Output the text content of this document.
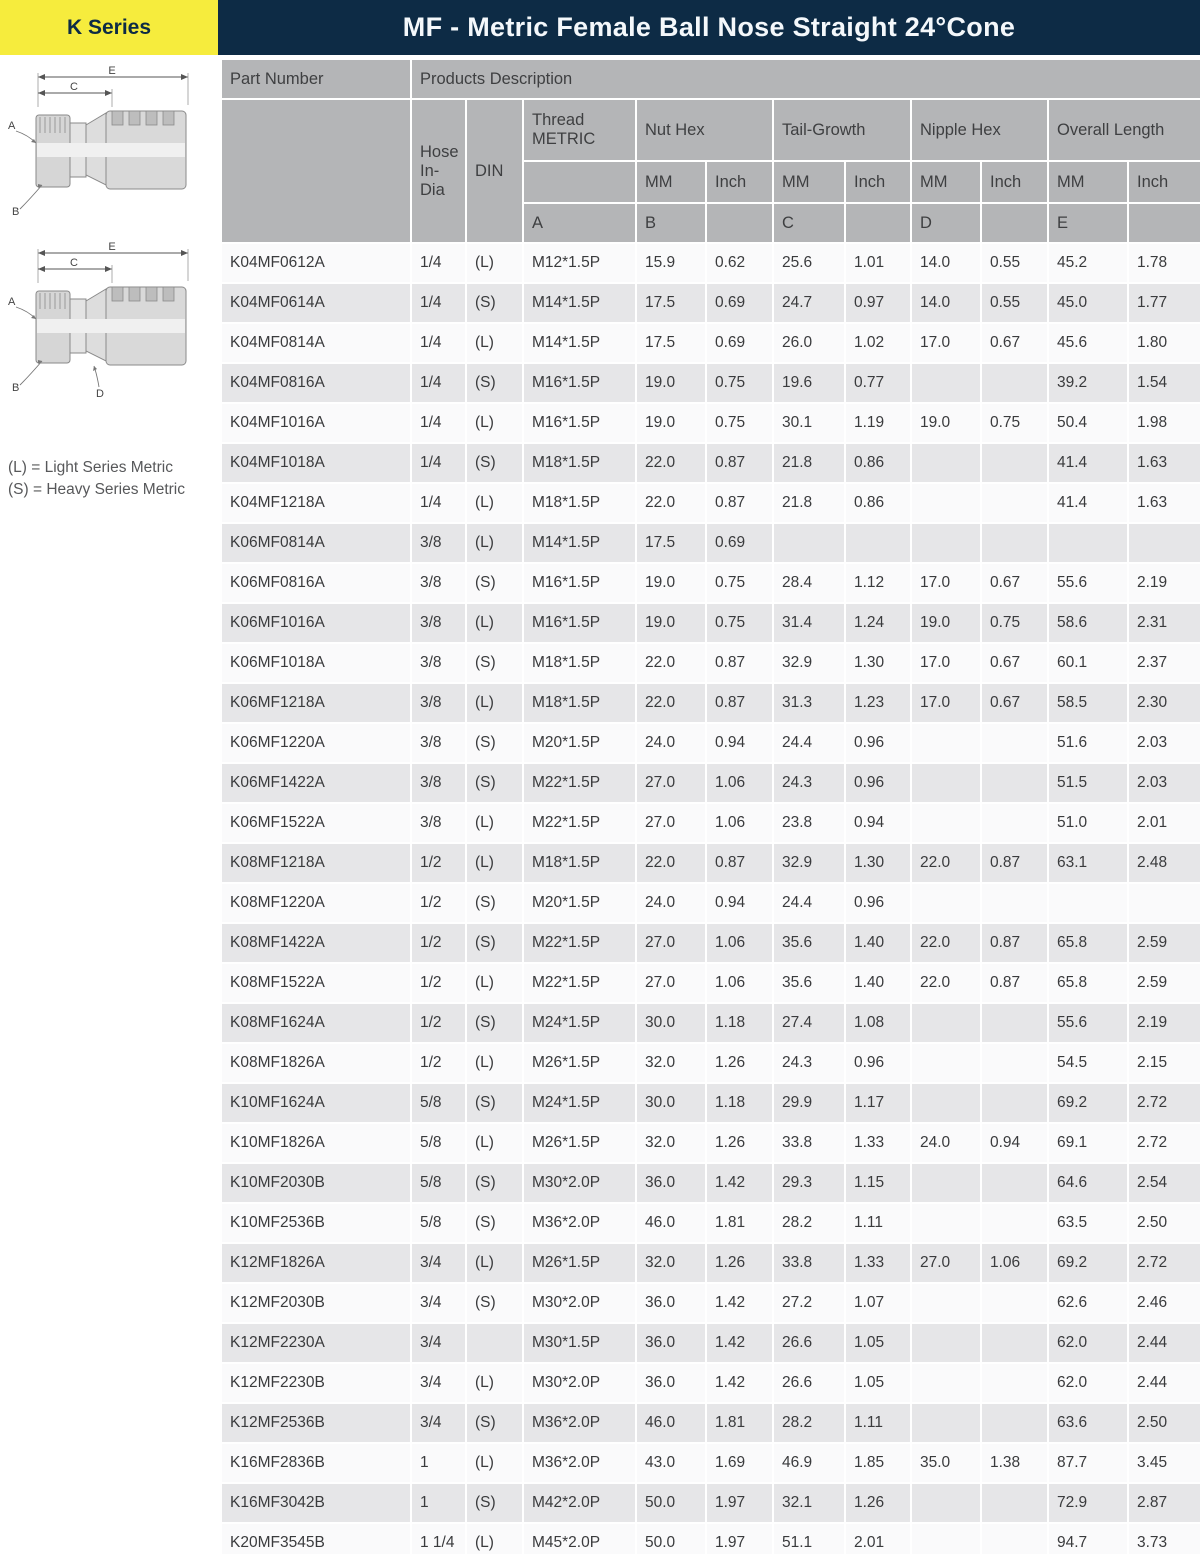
K Series	MF - Metric Female Ball Nose Straight 24°Cone
E
C
A
B
E
C
A
B	D
(L) = Light Series Metric
(S) = Heavy Series Metric
Part Number	Products Description										
	Hose In- Dia	DIN	Thread METRIC	Nut Hex		Tail-Growth		Nipple Hex		Overall Length	
				MM	Inch	MM	Inch	MM	Inch	MM	Inch
			A	B		C		D		E	
K04MF0612A	1/4	(L)	M12*1.5P	15.9	0.62	25.6	1.01	14.0	0.55	45.2	1.78
K04MF0614A	1/4	(S)	M14*1.5P	17.5	0.69	24.7	0.97	14.0	0.55	45.0	1.77
K04MF0814A	1/4	(L)	M14*1.5P	17.5	0.69	26.0	1.02	17.0	0.67	45.6	1.80
K04MF0816A	1/4	(S)	M16*1.5P	19.0	0.75	19.6	0.77			39.2	1.54
K04MF1016A	1/4	(L)	M16*1.5P	19.0	0.75	30.1	1.19	19.0	0.75	50.4	1.98
K04MF1018A	1/4	(S)	M18*1.5P	22.0	0.87	21.8	0.86			41.4	1.63
K04MF1218A	1/4	(L)	M18*1.5P	22.0	0.87	21.8	0.86			41.4	1.63
K06MF0814A	3/8	(L)	M14*1.5P	17.5	0.69						
K06MF0816A	3/8	(S)	M16*1.5P	19.0	0.75	28.4	1.12	17.0	0.67	55.6	2.19
K06MF1016A	3/8	(L)	M16*1.5P	19.0	0.75	31.4	1.24	19.0	0.75	58.6	2.31
K06MF1018A	3/8	(S)	M18*1.5P	22.0	0.87	32.9	1.30	17.0	0.67	60.1	2.37
K06MF1218A	3/8	(L)	M18*1.5P	22.0	0.87	31.3	1.23	17.0	0.67	58.5	2.30
K06MF1220A	3/8	(S)	M20*1.5P	24.0	0.94	24.4	0.96			51.6	2.03
K06MF1422A	3/8	(S)	M22*1.5P	27.0	1.06	24.3	0.96			51.5	2.03
K06MF1522A	3/8	(L)	M22*1.5P	27.0	1.06	23.8	0.94			51.0	2.01
K08MF1218A	1/2	(L)	M18*1.5P	22.0	0.87	32.9	1.30	22.0	0.87	63.1	2.48
K08MF1220A	1/2	(S)	M20*1.5P	24.0	0.94	24.4	0.96				
K08MF1422A	1/2	(S)	M22*1.5P	27.0	1.06	35.6	1.40	22.0	0.87	65.8	2.59
K08MF1522A	1/2	(L)	M22*1.5P	27.0	1.06	35.6	1.40	22.0	0.87	65.8	2.59
K08MF1624A	1/2	(S)	M24*1.5P	30.0	1.18	27.4	1.08			55.6	2.19
K08MF1826A	1/2	(L)	M26*1.5P	32.0	1.26	24.3	0.96			54.5	2.15
K10MF1624A	5/8	(S)	M24*1.5P	30.0	1.18	29.9	1.17			69.2	2.72
K10MF1826A	5/8	(L)	M26*1.5P	32.0	1.26	33.8	1.33	24.0	0.94	69.1	2.72
K10MF2030B	5/8	(S)	M30*2.0P	36.0	1.42	29.3	1.15			64.6	2.54
K10MF2536B	5/8	(S)	M36*2.0P	46.0	1.81	28.2	1.11			63.5	2.50
K12MF1826A	3/4	(L)	M26*1.5P	32.0	1.26	33.8	1.33	27.0	1.06	69.2	2.72
K12MF2030B	3/4	(S)	M30*2.0P	36.0	1.42	27.2	1.07			62.6	2.46
K12MF2230A	3/4		M30*1.5P	36.0	1.42	26.6	1.05			62.0	2.44
K12MF2230B	3/4	(L)	M30*2.0P	36.0	1.42	26.6	1.05			62.0	2.44
K12MF2536B	3/4	(S)	M36*2.0P	46.0	1.81	28.2	1.11			63.6	2.50
K16MF2836B	1	(L)	M36*2.0P	43.0	1.69	46.9	1.85	35.0	1.38	87.7	3.45
K16MF3042B	1	(S)	M42*2.0P	50.0	1.97	32.1	1.26			72.9	2.87
K20MF3545B	1 1/4	(L)	M45*2.0P	50.0	1.97	51.1	2.01			94.7	3.73
